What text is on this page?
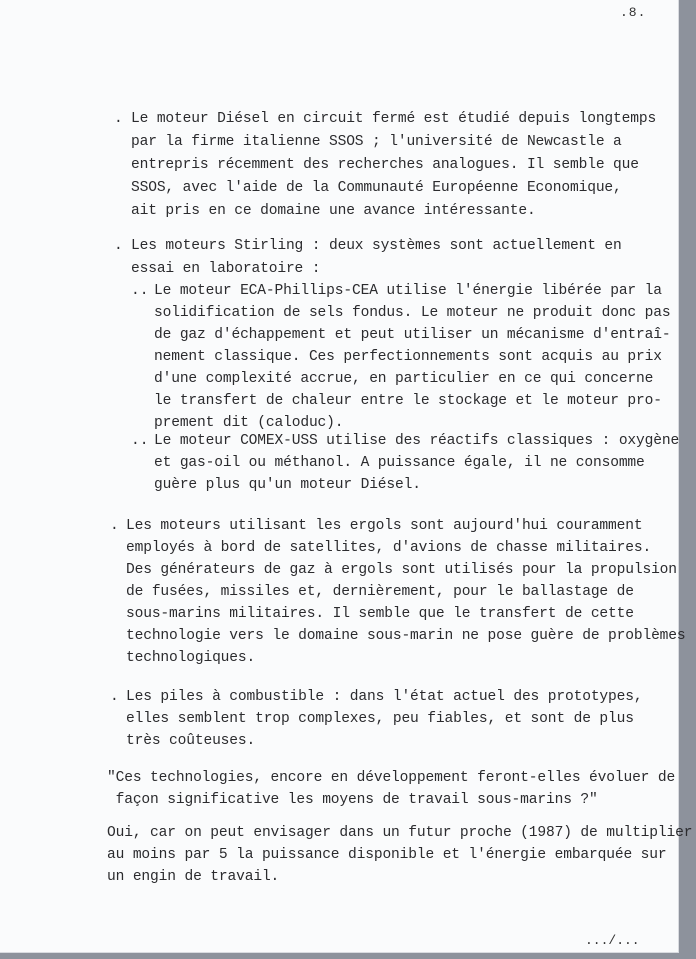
.8.
. Le moteur Diésel en circuit fermé est étudié depuis longtemps
par la firme italienne SSOS ; l'université de Newcastle a
entrepris récemment des recherches analogues. Il semble que
SSOS, avec l'aide de la Communauté Européenne Economique,
ait pris en ce domaine une avance intéressante.
. Les moteurs Stirling : deux systèmes sont actuellement en
essai en laboratoire :
.. Le moteur ECA-Phillips-CEA utilise l'énergie libérée par la
solidification de sels fondus. Le moteur ne produit donc pas
de gaz d'échappement et peut utiliser un mécanisme d'entraî-
nement classique. Ces perfectionnements sont acquis au prix
d'une complexité accrue, en particulier en ce qui concerne
le transfert de chaleur entre le stockage et le moteur pro-
prement dit (caloduc).
.. Le moteur COMEX-USS utilise des réactifs classiques : oxygène
et gas-oil ou méthanol. A puissance égale, il ne consomme
guère plus qu'un moteur Diésel.
. Les moteurs utilisant les ergols sont aujourd'hui couramment
employés à bord de satellites, d'avions de chasse militaires.
Des générateurs de gaz à ergols sont utilisés pour la propulsion
de fusées, missiles et, dernièrement, pour le ballastage de
sous-marins militaires. Il semble que le transfert de cette
technologie vers le domaine sous-marin ne pose guère de problèmes
technologiques.
. Les piles à combustible : dans l'état actuel des prototypes,
elles semblent trop complexes, peu fiables, et sont de plus
très coûteuses.
"Ces technologies, encore en développement feront-elles évoluer de
façon significative les moyens de travail sous-marins ?"
Oui, car on peut envisager dans un futur proche (1987) de multiplier
au moins par 5 la puissance disponible et l'énergie embarquée sur
un engin de travail.
.../...
